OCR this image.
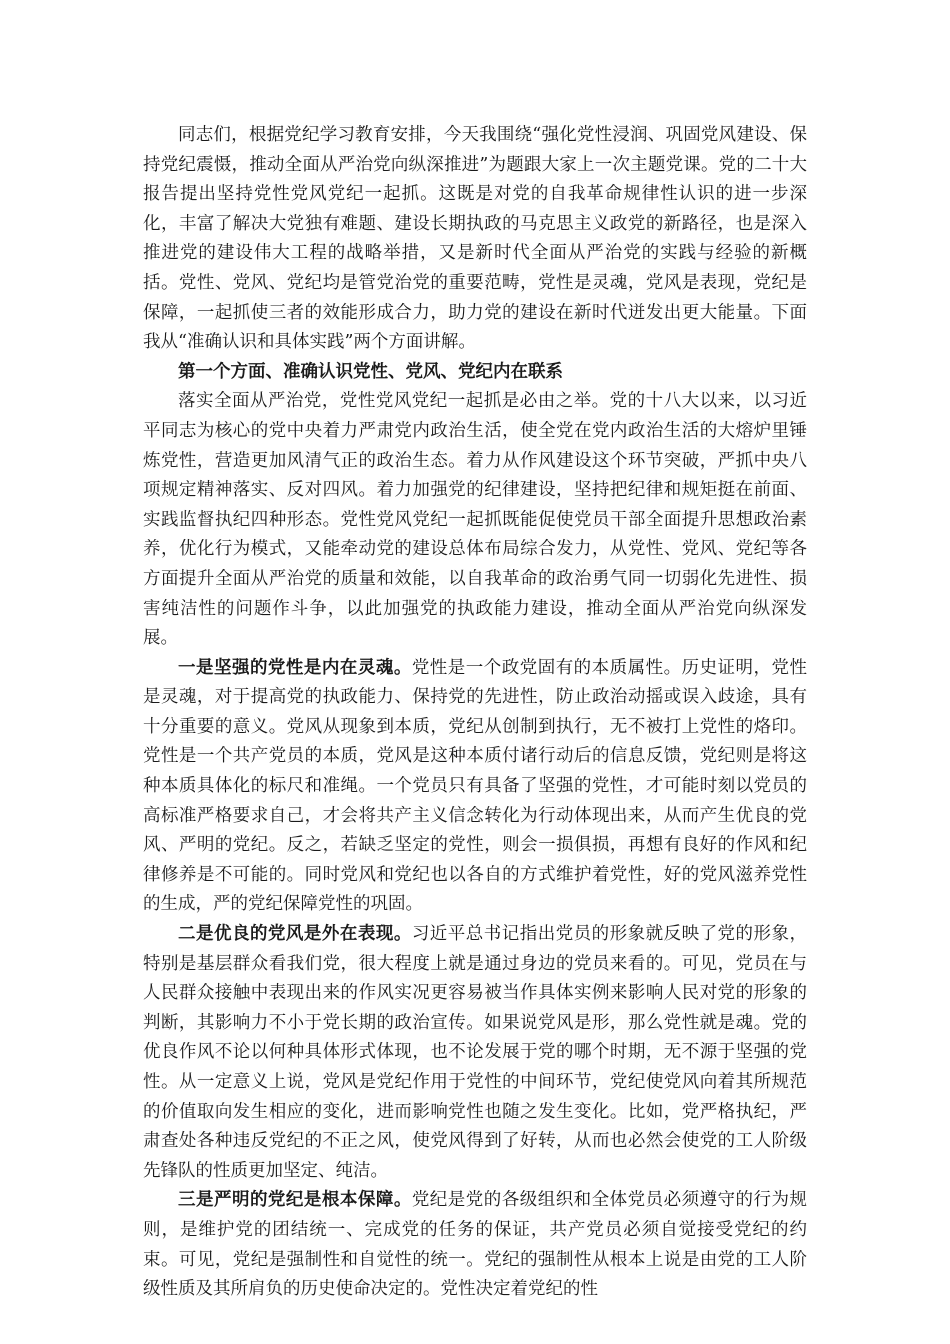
同志们，根据党纪学习教育安排，今天我围绕“强化党性浸润、巩固党风建设、保持党纪震慑，推动全面从严治党向纵深推进”为题跟大家上一次主题党课。党的二十大报告提出坚持党性党风党纪一起抓。这既是对党的自我革命规律性认识的进一步深化，丰富了解决大党独有难题、建设长期执政的马克思主义政党的新路径，也是深入推进党的建设伟大工程的战略举措，又是新时代全面从严治党的实践与经验的新概括。党性、党风、党纪均是管党治党的重要范畴，党性是灵魂，党风是表现，党纪是保障，一起抓使三者的效能形成合力，助力党的建设在新时代迸发出更大能量。下面我从“准确认识和具体实践”两个方面讲解。

第一个方面、准确认识党性、党风、党纪内在联系

落实全面从严治党，党性党风党纪一起抓是必由之举。党的十八大以来，以习近平同志为核心的党中央着力严肃党内政治生活，使全党在党内政治生活的大熔炉里锤炼党性，营造更加风清气正的政治生态。着力从作风建设这个环节突破，严抓中央八项规定精神落实、反对四风。着力加强党的纪律建设，坚持把纪律和规矩挺在前面、实践监督执纪四种形态。党性党风党纪一起抓既能促使党员干部全面提升思想政治素养，优化行为模式，又能牵动党的建设总体布局综合发力，从党性、党风、党纪等各方面提升全面从严治党的质量和效能，以自我革命的政治勇气同一切弱化先进性、损害纯洁性的问题作斗争，以此加强党的执政能力建设，推动全面从严治党向纵深发展。

一是坚强的党性是内在灵魂。党性是一个政党固有的本质属性。历史证明，党性是灵魂，对于提高党的执政能力、保持党的先进性，防止政治动摇或误入歧途，具有十分重要的意义。党风从现象到本质，党纪从创制到执行，无不被打上党性的烙印。党性是一个共产党员的本质，党风是这种本质付诸行动后的信息反馈，党纪则是将这种本质具体化的标尺和准绳。一个党员只有具备了坚强的党性，才可能时刻以党员的高标准严格要求自己，才会将共产主义信念转化为行动体现出来，从而产生优良的党风、严明的党纪。反之，若缺乏坚定的党性，则会一损俱损，再想有良好的作风和纪律修养是不可能的。同时党风和党纪也以各自的方式维护着党性，好的党风滋养党性的生成，严的党纪保障党性的巩固。

二是优良的党风是外在表现。习近平总书记指出党员的形象就反映了党的形象，特别是基层群众看我们党，很大程度上就是通过身边的党员来看的。可见，党员在与人民群众接触中表现出来的作风实况更容易被当作具体实例来影响人民对党的形象的判断，其影响力不小于党长期的政治宣传。如果说党风是形，那么党性就是魂。党的优良作风不论以何种具体形式体现，也不论发展于党的哪个时期，无不源于坚强的党性。从一定意义上说，党风是党纪作用于党性的中间环节，党纪使党风向着其所规范的价值取向发生相应的变化，进而影响党性也随之发生变化。比如，党严格执纪，严肃查处各种违反党纪的不正之风，使党风得到了好转，从而也必然会使党的工人阶级先锋队的性质更加坚定、纯洁。

三是严明的党纪是根本保障。党纪是党的各级组织和全体党员必须遵守的行为规则，是维护党的团结统一、完成党的任务的保证，共产党员必须自觉接受党纪的约束。可见，党纪是强制性和自觉性的统一。党纪的强制性从根本上说是由党的工人阶级性质及其所肩负的历史使命决定的。党性决定着党纪的性
